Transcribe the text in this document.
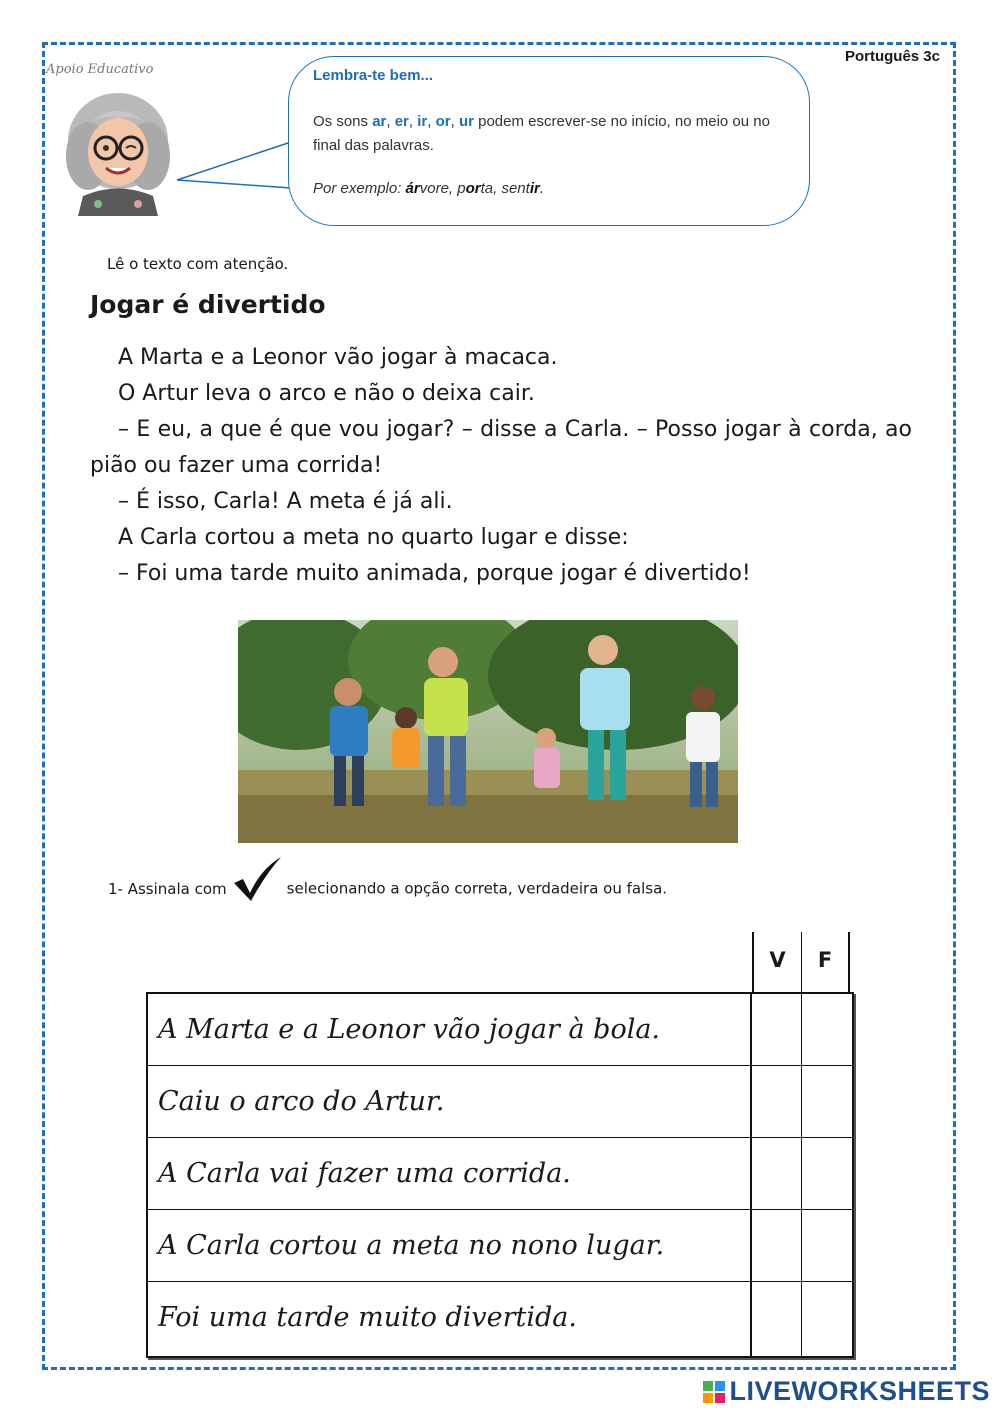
Português 3c
Apoio Educativo	Lembra-te bem...
Os sons ar, er, ir, or, ur podem escrever-se no início, no meio ou no final das palavras.
Por exemplo: árvore, porta, sentir.
Lê o texto com atenção.
Jogar é divertido

A Marta e a Leonor vão jogar à macaca.

O Artur leva o arco e não o deixa cair.

– E eu, a que é que vou jogar? – disse a Carla. – Posso jogar à corda, ao pião ou fazer uma corrida!

– É isso, Carla! A meta é já ali.

A Carla cortou a meta no quarto lugar e disse:

– Foi uma tarde muito animada, porque jogar é divertido!

1- Assinala com	selecionando a opção correta, verdadeira ou falsa.
V	F
A Marta e a Leonor vão jogar à bola.
Caiu o arco do Artur.
A Carla vai fazer uma corrida.
A Carla cortou a meta no nono lugar.
Foi uma tarde muito divertida.
LIVEWORKSHEETS
